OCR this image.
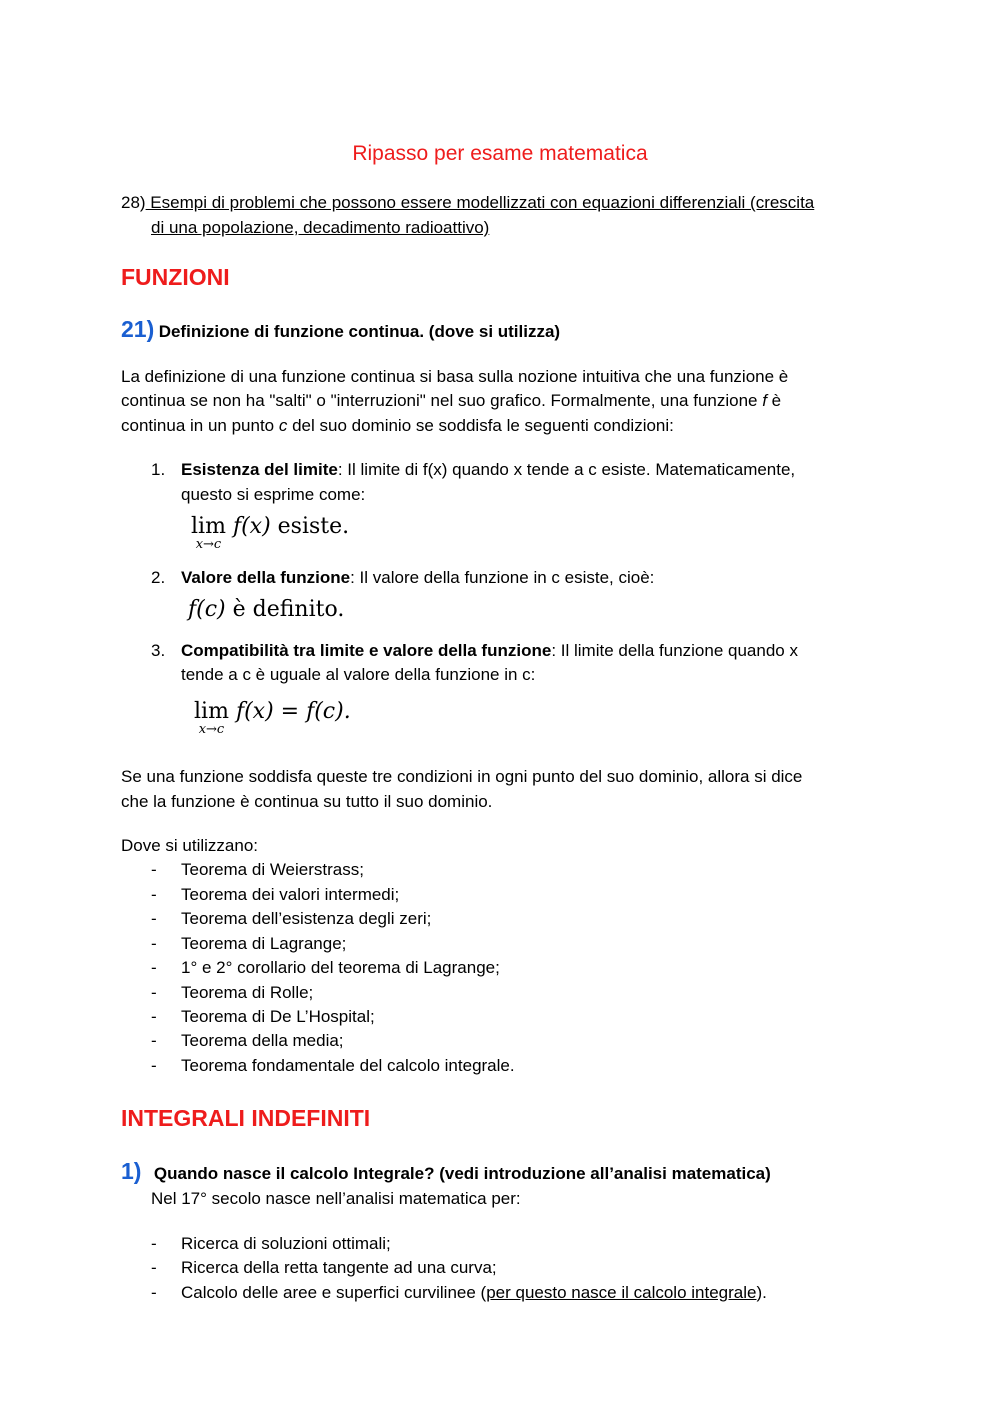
Ripasso per esame matematica
28) Esempi di problemi che possono essere modellizzati con equazioni differenziali (crescita
di una popolazione, decadimento radioattivo)
FUNZIONI
21) Definizione di funzione continua. (dove si utilizza)
La definizione di una funzione continua si basa sulla nozione intuitiva che una funzione è
continua se non ha "salti" o "interruzioni" nel suo grafico. Formalmente, una funzione f è
continua in un punto c del suo dominio se soddisfa le seguenti condizioni:
1. Esistenza del limite: Il limite di f(x) quando x tende a c esiste. Matematicamente,
questo si esprime come:
lim
x→c
f(x) esiste.
2. Valore della funzione: Il valore della funzione in c esiste, cioè:
f(c) è definito.
3. Compatibilità tra limite e valore della funzione: Il limite della funzione quando x
tende a c è uguale al valore della funzione in c:
lim
x→c
f(x) = f(c).
Se una funzione soddisfa queste tre condizioni in ogni punto del suo dominio, allora si dice
che la funzione è continua su tutto il suo dominio.
Dove si utilizzano:
- Teorema di Weierstrass;
- Teorema dei valori intermedi;
- Teorema dell’esistenza degli zeri;
- Teorema di Lagrange;
- 1° e 2° corollario del teorema di Lagrange;
- Teorema di Rolle;
- Teorema di De L’Hospital;
- Teorema della media;
- Teorema fondamentale del calcolo integrale.
INTEGRALI INDEFINITI
1) Quando nasce il calcolo Integrale? (vedi introduzione all’analisi matematica)
Nel 17° secolo nasce nell’analisi matematica per:
- Ricerca di soluzioni ottimali;
- Ricerca della retta tangente ad una curva;
- Calcolo delle aree e superfici curvilinee (per questo nasce il calcolo integrale).
